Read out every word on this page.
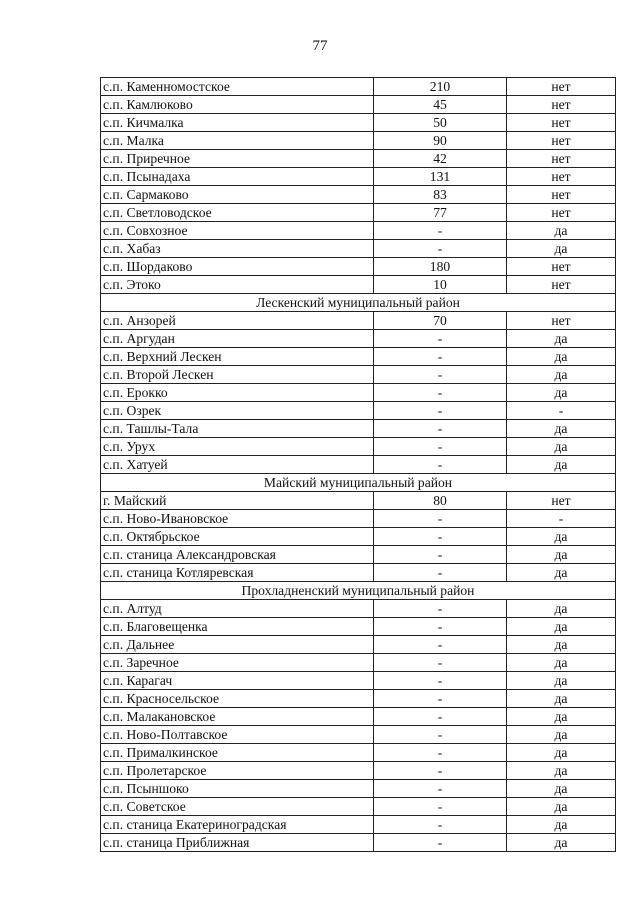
77
с.п. Каменномостское	210	нет
с.п. Камлюково	45	нет
с.п. Кичмалка	50	нет
с.п. Малка	90	нет
с.п. Приречное	42	нет
с.п. Псынадаха	131	нет
с.п. Сармаково	83	нет
с.п. Светловодское	77	нет
с.п. Совхозное	-	да
с.п. Хабаз	-	да
с.п. Шордаково	180	нет
с.п. Этоко	10	нет
Лескенский муниципальный район		
с.п. Анзорей	70	нет
с.п. Аргудан	-	да
с.п. Верхний Лескен	-	да
с.п. Второй Лескен	-	да
с.п. Ерокко	-	да
с.п. Озрек	-	-
с.п. Ташлы-Тала	-	да
с.п. Урух	-	да
с.п. Хатуей	-	да
Майский муниципальный район		
г. Майский	80	нет
с.п. Ново-Ивановское	-	-
с.п. Октябрьское	-	да
с.п. станица Александровская	-	да
с.п. станица Котляревская	-	да
Прохладненский муниципальный район		
с.п. Алтуд	-	да
с.п. Благовещенка	-	да
с.п. Дальнее	-	да
с.п. Заречное	-	да
с.п. Карагач	-	да
с.п. Красносельское	-	да
с.п. Малакановское	-	да
с.п. Ново-Полтавское	-	да
с.п. Прималкинское	-	да
с.п. Пролетарское	-	да
с.п. Псыншоко	-	да
с.п. Советское	-	да
с.п. станица Екатериноградская	-	да
с.п. станица Приближная	-	да
